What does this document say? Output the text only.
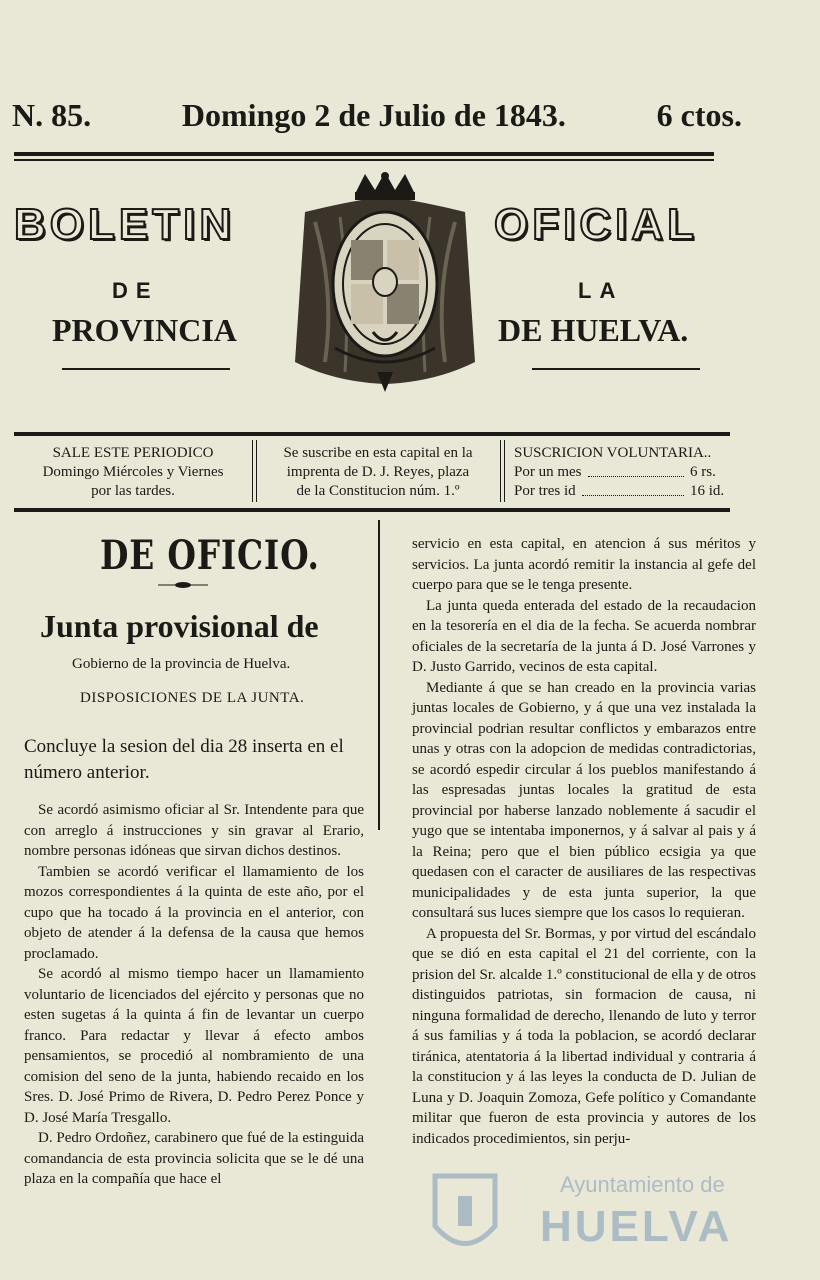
N. 85.	Domingo 2 de Julio de 1843.	6 ctos.
BOLETIN	OFICIAL
DE	LA
PROVINCIA	DE HUELVA.
SALE ESTE PERIODICO
Domingo Miércoles y Viernes
por las tardes.
Se suscribe en esta capital en la
imprenta de D. J. Reyes, plaza
de la Constitucion núm. 1.º
SUSCRICION VOLUNTARIA..
Por un mes	6 rs.
Por tres id	16 id.
DE OFICIO.
Junta provisional de
Gobierno de la provincia de Huelva.
DISPOSICIONES DE LA JUNTA.
Concluye la sesion del dia 28 inserta en el número anterior.

Se acordó asimismo oficiar al Sr. Intendente para que con arreglo á instrucciones y sin gravar al Erario, nombre personas idóneas que sirvan dichos destinos.

Tambien se acordó verificar el llamamiento de los mozos correspondientes á la quinta de este año, por el cupo que ha tocado á la provincia en el anterior, con objeto de atender á la defensa de la causa que hemos proclamado.

Se acordó al mismo tiempo hacer un llamamiento voluntario de licenciados del ejército y personas que no esten sugetas á la quinta á fin de levantar un cuerpo franco. Para redactar y llevar á efecto ambos pensamientos, se procedió al nombramiento de una comision del seno de la junta, habiendo recaido en los Sres. D. José Primo de Rivera, D. Pedro Perez Ponce y D. José María Tresgallo.

D. Pedro Ordoñez, carabinero que fué de la estinguida comandancia de esta provincia solicita que se le dé una plaza en la compañía que hace el

servicio en esta capital, en atencion á sus méritos y servicios. La junta acordó remitir la instancia al gefe del cuerpo para que se le tenga presente.

La junta queda enterada del estado de la recaudacion en la tesorería en el dia de la fecha. Se acuerda nombrar oficiales de la secretaría de la junta á D. José Varrones y D. Justo Garrido, vecinos de esta capital.

Mediante á que se han creado en la provincia varias juntas locales de Gobierno, y á que una vez instalada la provincial podrian resultar conflictos y embarazos entre unas y otras con la adopcion de medidas contradictorias, se acordó espedir circular á los pueblos manifestando á las espresadas juntas locales la gratitud de esta provincial por haberse lanzado noblemente á sacudir el yugo que se intentaba imponernos, y á salvar al pais y á la Reina; pero que el bien público ecsigia ya que quedasen con el caracter de ausiliares de las respectivas municipalidades y de esta junta superior, la que consultará sus luces siempre que los casos lo requieran.

A propuesta del Sr. Bormas, y por virtud del escándalo que se dió en esta capital el 21 del corriente, con la prision del Sr. alcalde 1.º constitucional de ella y de otros distinguidos patriotas, sin formacion de causa, ni ninguna formalidad de derecho, llenando de luto y terror á sus familias y á toda la poblacion, se acordó declarar tiránica, atentatoria á la libertad individual y contraria á la constitucion y á las leyes la conducta de D. Julian de Luna y D. Joaquin Zomoza, Gefe político y Comandante militar que fueron de esta provincia y autores de los indicados procedimientos, sin perju-

Ayuntamiento de
HUELVA
